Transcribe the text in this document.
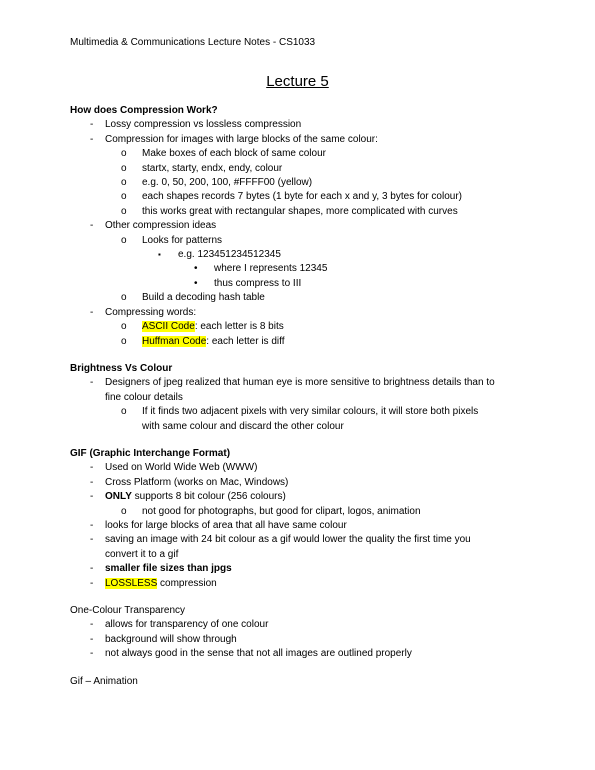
Multimedia & Communications Lecture Notes - CS1033
Lecture 5
How does Compression Work?
- Lossy compression vs lossless compression
- Compression for images with large blocks of the same colour:
o Make boxes of each block of same colour
o startx, starty, endx, endy, colour
o e.g. 0, 50, 200, 100, #FFFF00 (yellow)
o each shapes records 7 bytes (1 byte for each x and y, 3 bytes for colour)
o this works great with rectangular shapes, more complicated with curves
- Other compression ideas
o Looks for patterns
▪ e.g. 123451234512345
• where I represents 12345
• thus compress to III
o Build a decoding hash table
- Compressing words:
o ASCII Code: each letter is 8 bits
o Huffman Code: each letter is diff
Brightness Vs Colour
- Designers of jpeg realized that human eye is more sensitive to brightness details than to
fine colour details
o If it finds two adjacent pixels with very similar colours, it will store both pixels
with same colour and discard the other colour
GIF (Graphic Interchange Format)
- Used on World Wide Web (WWW)
- Cross Platform (works on Mac, Windows)
- ONLY supports 8 bit colour (256 colours)
o not good for photographs, but good for clipart, logos, animation
- looks for large blocks of area that all have same colour
- saving an image with 24 bit colour as a gif would lower the quality the first time you
convert it to a gif
- smaller file sizes than jpgs
- LOSSLESS compression
One-Colour Transparency
- allows for transparency of one colour
- background will show through
- not always good in the sense that not all images are outlined properly
Gif – Animation
